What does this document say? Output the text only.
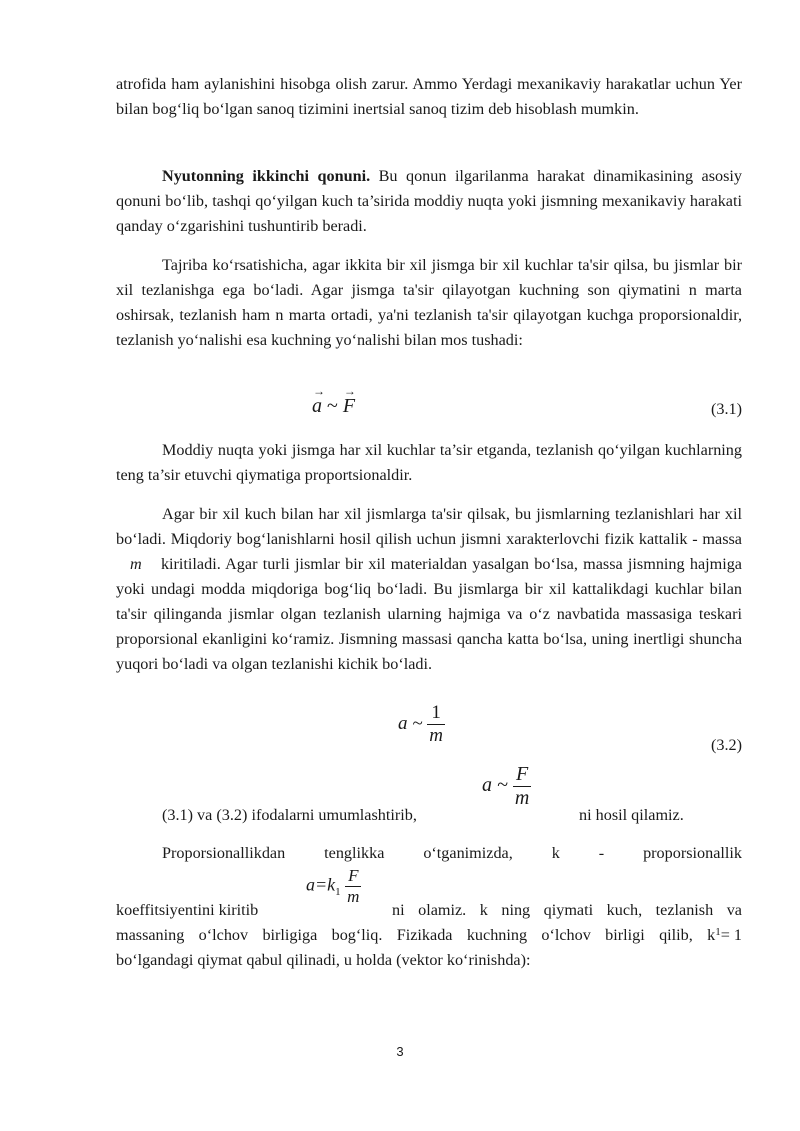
atrofida ham aylanishini hisobga olish zarur. Ammo Yerdagi mexanikaviy harakatlar uchun Yer bilan bog‘liq bo‘lgan sanoq tizimini inertsial sanoq tizim deb hisoblash mumkin.

Nyutonning ikkinchi qonuni. Bu qonun ilgarilanma harakat dinamikasining asosiy qonuni bo‘lib, tashqi qo‘yilgan kuch ta’sirida moddiy nuqta yoki jismning mexanikaviy harakati qanday o‘zgarishini tushuntirib beradi.

Tajriba ko‘rsatishicha, agar ikkita bir xil jismga bir xil kuchlar ta'sir qilsa, bu jismlar bir xil tezlanishga ega bo‘ladi. Agar jismga ta'sir qilayotgan kuchning son qiymatini n marta oshirsak, tezlanish ham n marta ortadi, ya'ni tezlanish ta'sir qilayotgan kuchga proporsionaldir, tezlanish yo‘nalishi esa kuchning yo‘nalishi bilan mos tushadi:

→
a ~
→
F	(3.1)

Moddiy nuqta yoki jismga har xil kuchlar ta’sir etganda, tezlanish qo‘yilgan kuchlarning teng ta’sir etuvchi qiymatiga proportsionaldir.

Agar bir xil kuch bilan har xil jismlarga ta'sir qilsak, bu jismlarning tezlanishlari har xil bo‘ladi. Miqdoriy bog‘lanishlarni hosil qilish uchun jismni xarakterlovchi fizik kattalik - massa m kiritiladi. Agar turli jismlar bir xil materialdan yasalgan bo‘lsa, massa jismning hajmiga yoki undagi modda miqdoriga bog‘liq bo‘ladi. Bu jismlarga bir xil kattalikdagi kuchlar bilan ta'sir qilinganda jismlar olgan tezlanish ularning hajmiga va o‘z navbatida massasiga teskari proporsional ekanligini ko‘ramiz. Jismning massasi qancha katta bo‘lsa, uning inertligi shuncha yuqori bo‘ladi va olgan tezlanishi kichik bo‘ladi.

a ~ $\frac{1}{m}$	(3.2)
a ~ $\frac{F}{m}$
(3.1) va (3.2) ifodalarni umumlashtirib,	ni hosil qilamiz.
Proporsionallikdan tenglikka o‘tganimizda, k - proporsionallik
$a=k_1 \frac{F}{m}$
koeffitsiyentini kiritib	ni olamiz. k ning qiymati kuch, tezlanish va
massaning o‘lchov birligiga bog‘liq. Fizikada kuchning o‘lchov birligi qilib, k 1 = 1
bo‘lgandagi qiymat qabul qilinadi, u holda (vektor ko‘rinishda):
3
